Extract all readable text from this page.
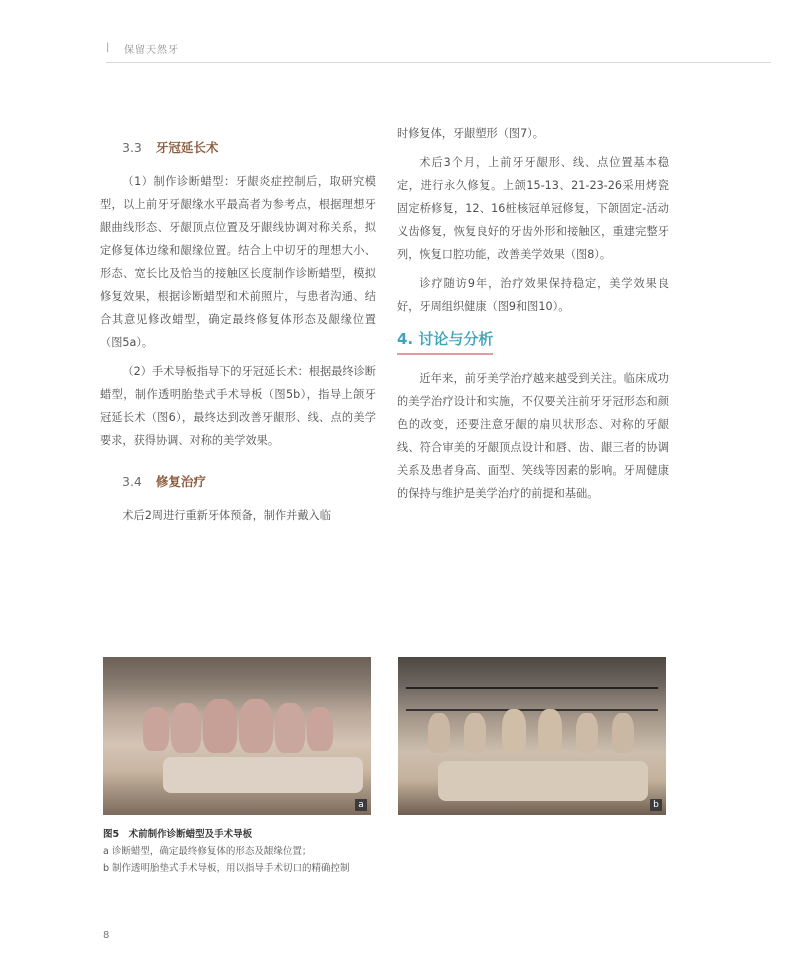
| 保留天然牙
3.3 牙冠延长术

（1）制作诊断蜡型：牙龈炎症控制后，取研究模型，以上前牙牙龈缘水平最高者为参考点，根据理想牙龈曲线形态、牙龈顶点位置及牙龈线协调对称关系，拟定修复体边缘和龈缘位置。结合上中切牙的理想大小、形态、宽长比及恰当的接触区长度制作诊断蜡型，模拟修复效果，根据诊断蜡型和术前照片，与患者沟通、结合其意见修改蜡型，确定最终修复体形态及龈缘位置（图5a）。

（2）手术导板指导下的牙冠延长术：根据最终诊断蜡型，制作透明胎垫式手术导板（图5b），指导上颌牙冠延长术（图6），最终达到改善牙龈形、线、点的美学要求，获得协调、对称的美学效果。

3.4 修复治疗

术后2周进行重新牙体预备，制作并戴入临

时修复体，牙龈塑形（图7）。

术后3个月，上前牙牙龈形、线、点位置基本稳定，进行永久修复。上颌15-13、21-23-26采用烤瓷固定桥修复，12、16桩核冠单冠修复，下颌固定-活动义齿修复，恢复良好的牙齿外形和接触区，重建完整牙列，恢复口腔功能，改善美学效果（图8）。

诊疗随访9年，治疗效果保持稳定，美学效果良好，牙周组织健康（图9和图10）。

4. 讨论与分析

近年来，前牙美学治疗越来越受到关注。临床成功的美学治疗设计和实施，不仅要关注前牙牙冠形态和颜色的改变，还要注意牙龈的扇贝状形态、对称的牙龈线、符合审美的牙龈顶点设计和唇、齿、龈三者的协调关系及患者身高、面型、笑线等因素的影响。牙周健康的保持与维护是美学治疗的前提和基础。

a	b
图5　术前制作诊断蜡型及手术导板
a 诊断蜡型，确定最终修复体的形态及龈缘位置；
b 制作透明胎垫式手术导板，用以指导手术切口的精确控制
8
